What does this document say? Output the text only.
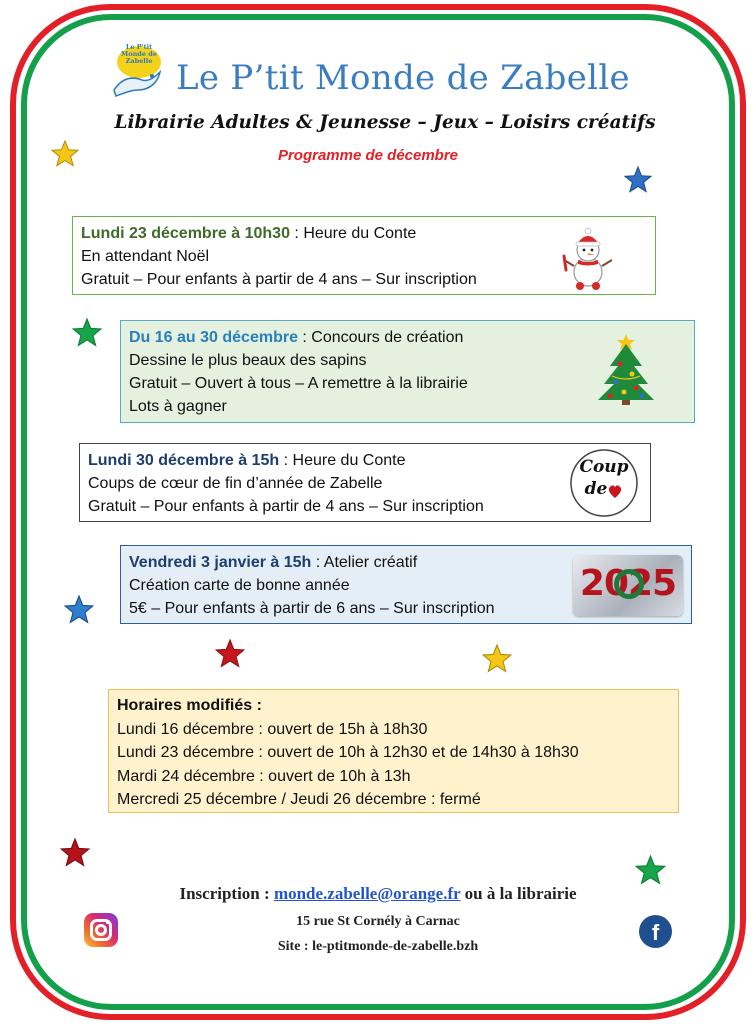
Le P'tit Monde de Zabelle Le P’tit Monde de Zabelle
Librairie Adultes & Jeunesse – Jeux – Loisirs créatifs
Programme de décembre
Lundi 23 décembre à 10h30 : Heure du Conte
En attendant Noël
Gratuit – Pour enfants à partir de 4 ans – Sur inscription
Du 16 au 30 décembre : Concours de création
Dessine le plus beaux des sapins
Gratuit – Ouvert à tous – A remettre à la librairie
Lots à gagner
Lundi 30 décembre à 15h : Heure du Conte
Coups de cœur de fin d’année de Zabelle
Gratuit – Pour enfants à partir de 4 ans – Sur inscription
Coup
de
Vendredi 3 janvier à 15h : Atelier créatif
Création carte de bonne année
5€ – Pour enfants à partir de 6 ans – Sur inscription
2025
Horaires modifiés :
Lundi 16 décembre : ouvert de 15h à 18h30
Lundi 23 décembre : ouvert de 10h à 12h30 et de 14h30 à 18h30
Mardi 24 décembre : ouvert de 10h à 13h
Mercredi 25 décembre / Jeudi 26 décembre : fermé
Inscription : monde.zabelle@orange.fr ou à la librairie
15 rue St Cornély à Carnac
Site : le-ptitmonde-de-zabelle.bzh
f
